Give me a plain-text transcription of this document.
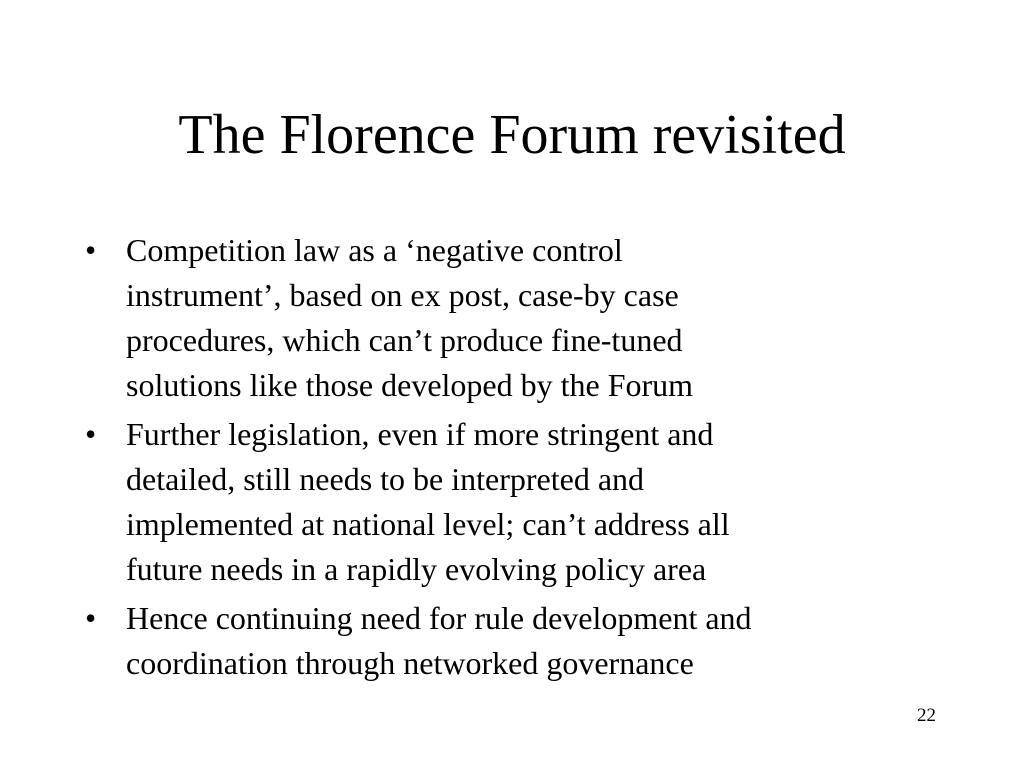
The Florence Forum revisited
• Competition law as a ‘negative control
instrument’, based on ex post, case-by case
procedures, which can’t produce fine-tuned
solutions like those developed by the Forum
• Further legislation, even if more stringent and
detailed, still needs to be interpreted and
implemented at national level; can’t address all
future needs in a rapidly evolving policy area
• Hence continuing need for rule development and
coordination through networked governance
22
